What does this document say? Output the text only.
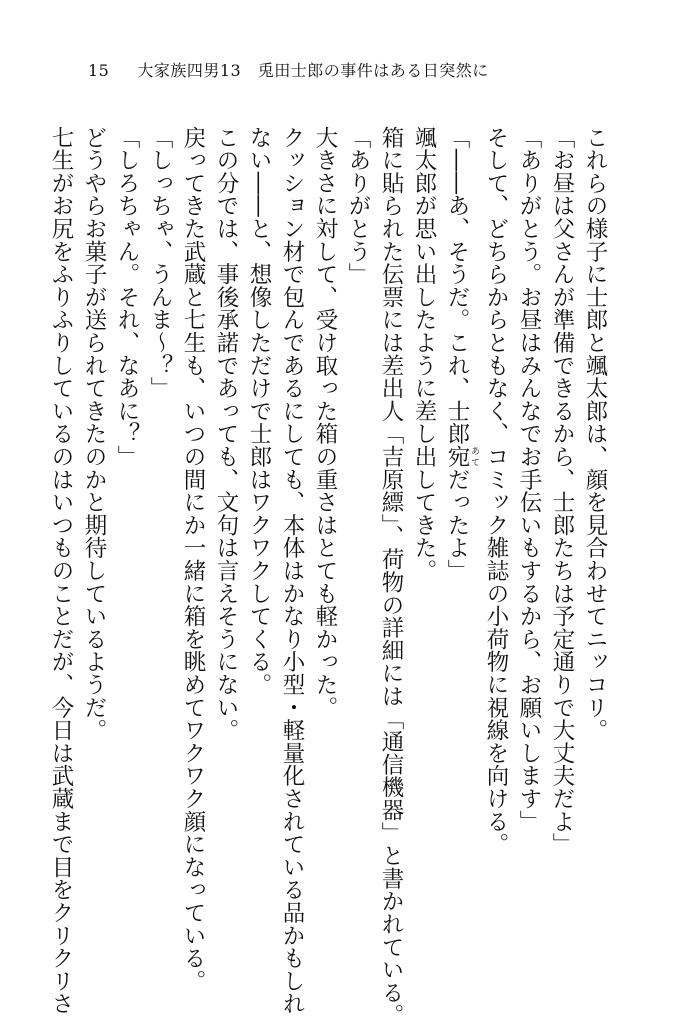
15 大家族四男13　兎田士郎の事件はある日突然に
これらの様子に士郎と颯太郎は、顔を見合わせてニッコリ。
「お昼は父さんが準備できるから、士郎たちは予定通りで大丈夫だよ」
「ありがとう。お昼はみんなでお手伝いもするから、お願いします」
そして、どちらからともなく、コミック雑誌の小荷物に視線を向ける。
「――あ、そうだ。これ、士郎宛 あてだったよ」
颯太郎が思い出したように差し出してきた。
箱に貼られた伝票には差出人「吉原縹」、荷物の詳細には「通信機器」と書かれている。
「ありがとう」
大きさに対して、受け取った箱の重さはとても軽かった。
クッション材で包んであるにしても、本体はかなり小型・軽量化されている品かもしれ
ない――と、想像しただけで士郎はワクワクしてくる。
この分では、事後承諾であっても、文句は言えそうにない。
戻ってきた武蔵と七生も、いつの間にか一緒に箱を眺めてワクワク顔になっている。
「しっちゃ、うんま～？」
「しろちゃん。それ、なあに？」
どうやらお菓子が送られてきたのかと期待しているようだ。
七生がお尻をふりふりしているのはいつものことだが、今日は武蔵まで目をクリクリさ
